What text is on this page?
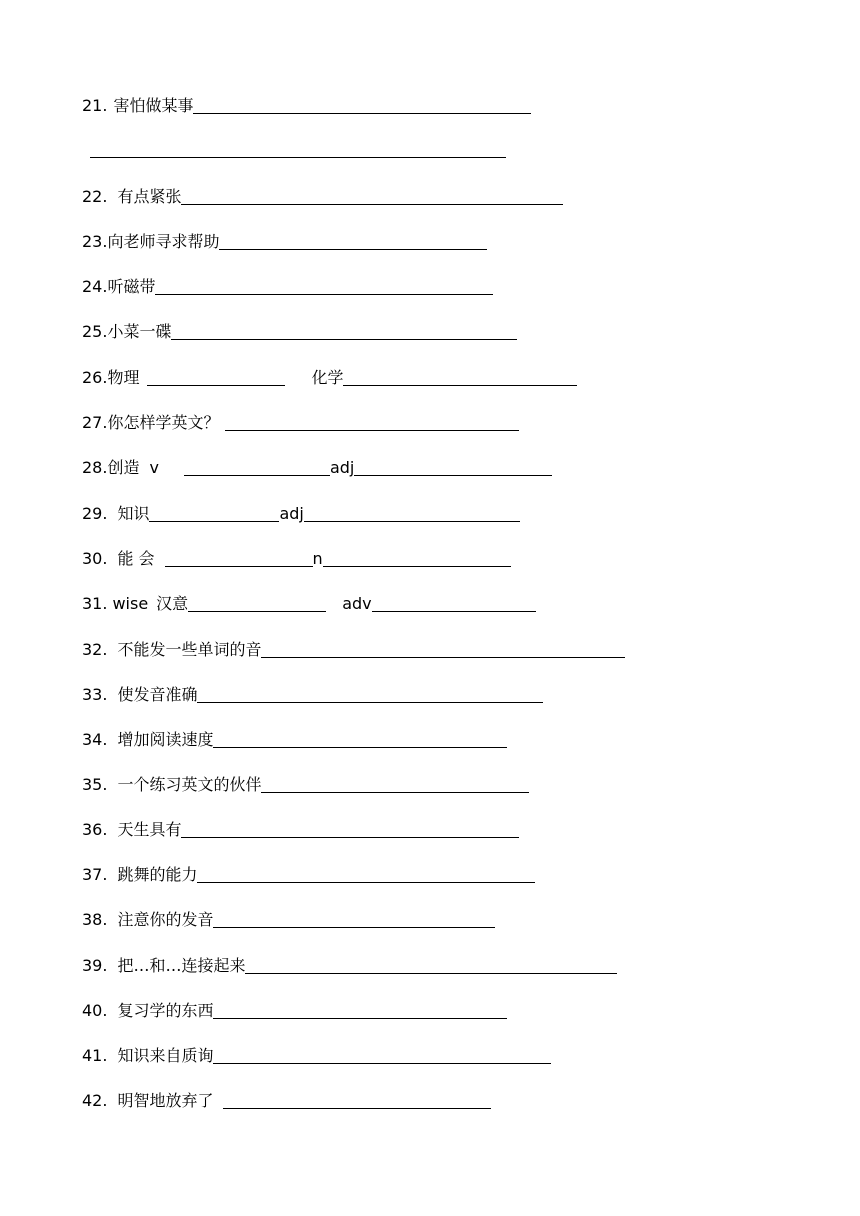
21. 害怕做某事
22. 有点紧张
23. 向老师寻求帮助
24. 听磁带
25. 小菜一碟
26. 物理	化学
27. 你怎样学英文？
28. 创造 v	adj
29. 知识	adj
30. 能 会	n
31. wise 汉意	adv
32. 不能发一些单词的音
33. 使发音准确
34. 增加阅读速度
35. 一个练习英文的伙伴
36. 天生具有
37. 跳舞的能力
38. 注意你的发音
39. 把…和…连接起来
40. 复习学的东西
41. 知识来自质询
42. 明智地放弃了
